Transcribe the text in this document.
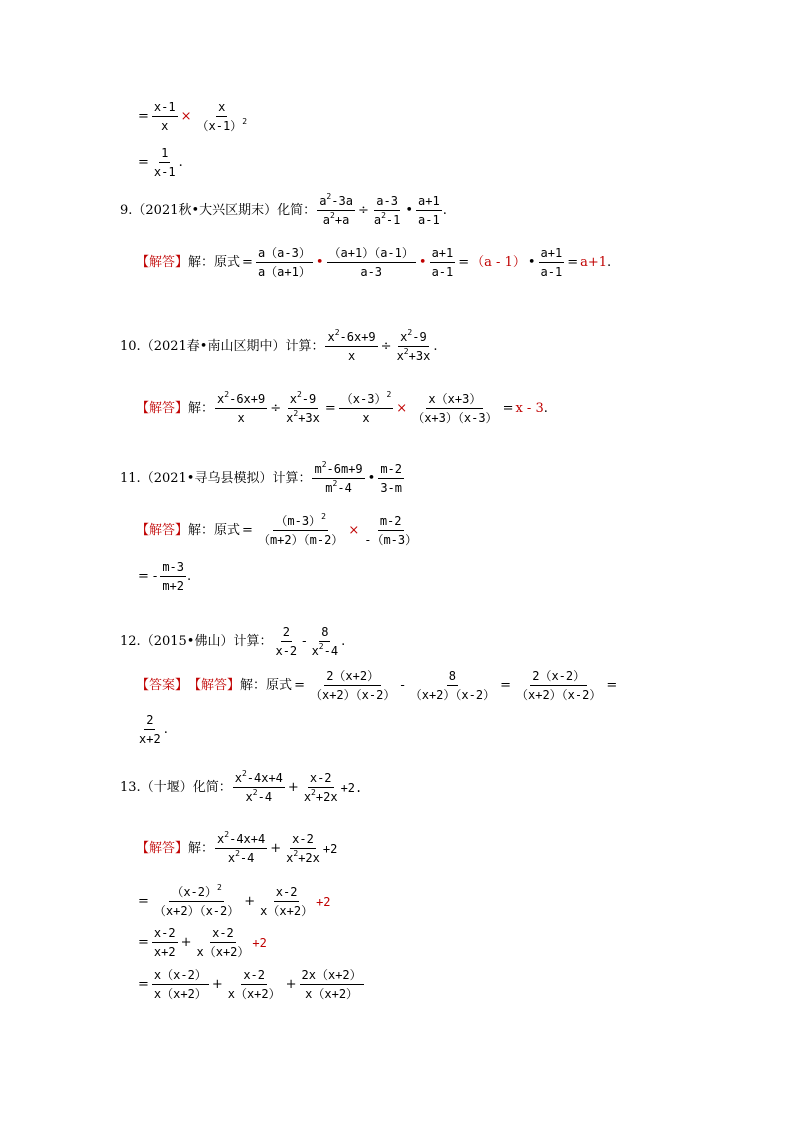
= $\frac{x-1}{x} \times \frac{x}{(x-1)^2}$
= $\frac{1}{x-1}$ .
9. （2021秋•大兴区期末） 化简： $\frac{a^2-3a}{a^2+a} \div \frac{a-3}{a^2-1}$ • $\frac{a+1}{a-1}$ .
【解答】 解： 原式 = $\frac{a(a-3)}{a(a+1)}$ • $\frac{(a+1)(a-1)}{a-3}$ • $\frac{a+1}{a-1} = (a - 1)$ • $\frac{a+1}{a-1} = a+1$ .
10. （2021春•南山区期中） 计算： $\frac{x^2-6x+9}{x} \div \frac{x^2-9}{x^2+3x}$ .
【解答】 解： $\frac{x^2-6x+9}{x} \div \frac{x^2-9}{x^2+3x} = \frac{(x-3)^2}{x} \times \frac{x(x+3)}{(x+3)(x-3)} = x - 3$ .
11. （2021•寻乌县模拟） 计算： $\frac{m^2-6m+9}{m^2-4}$ • $\frac{m-2}{3-m}$
【解答】 解： 原式 = $\frac{(m-3)^2}{(m+2)(m-2)} \times \frac{m-2}{-(m-3)}$
= - $\frac{m-3}{m+2}$ .
12. （2015•佛山） 计算： $\frac{2}{x-2} - \frac{8}{x^2-4}$ .
【答案】 【解答】 解： 原式 = $\frac{2(x+2)}{(x+2)(x-2)} - \frac{8}{(x+2)(x-2)} = \frac{2(x-2)}{(x+2)(x-2)}$ =
$\frac{2}{x+2}$ .
13. （十堰） 化简： $\frac{x^2-4x+4}{x^2-4} + \frac{x-2}{x^2+2x} +2$.
【解答】 解： $\frac{x^2-4x+4}{x^2-4} + \frac{x-2}{x^2+2x} +2$
= $\frac{(x-2)^2}{(x+2)(x-2)} + \frac{x-2}{x(x+2)} +2$
= $\frac{x-2}{x+2} + \frac{x-2}{x(x+2)} +2$
= $\frac{x(x-2)}{x(x+2)} + \frac{x-2}{x(x+2)} + \frac{2x(x+2)}{x(x+2)}$
